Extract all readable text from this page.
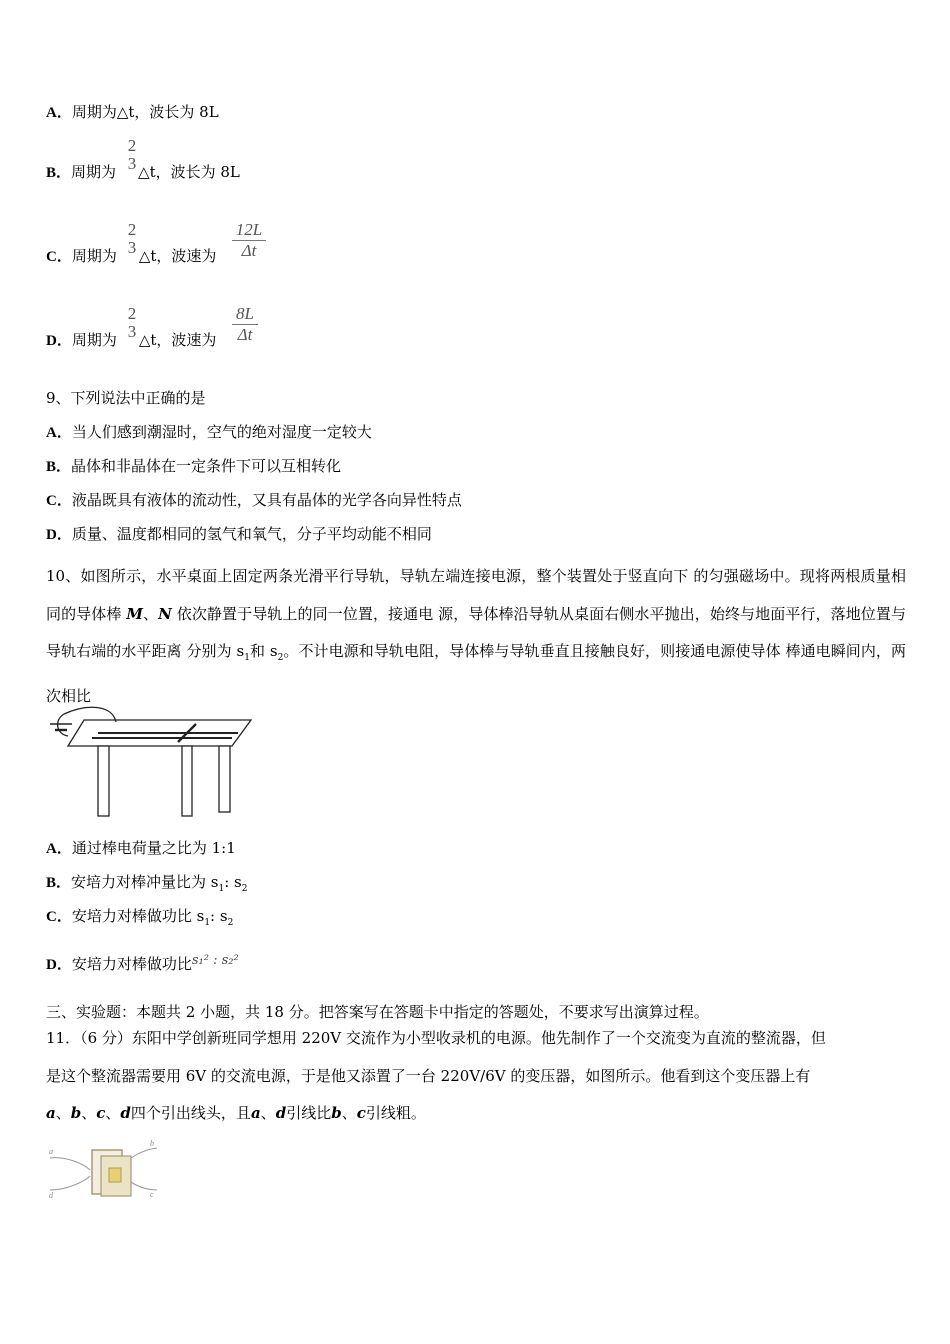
A．周期为△t，波长为 8L
B．周期为 △t，波长为 8L
2
3
C．周期为 △t，波速为
2
3
12L
Δt
D．周期为 △t，波速为
2
3
8L
Δt
9、下列说法中正确的是
A．当人们感到潮湿时，空气的绝对湿度一定较大
B．晶体和非晶体在一定条件下可以互相转化
C．液晶既具有液体的流动性，又具有晶体的光学各向异性特点
D．质量、温度都相同的氢气和氧气，分子平均动能不相同
10、如图所示，水平桌面上固定两条光滑平行导轨，导轨左端连接电源，整个装置处于竖直向下 的匀强磁场中。现将两根质量相同的导体棒 M、N 依次静置于导轨上的同一位置，接通电 源，导体棒沿导轨从桌面右侧水平抛出，始终与地面平行，落地位置与导轨右端的水平距离 分别为 $s_1$和 $s_2$。不计电源和导轨电阻，导体棒与导轨垂直且接触良好，则接通电源使导体 棒通电瞬间内，两次相比
A．通过棒电荷量之比为 1:1
B．安培力对棒冲量比为 $s_1$: $s_2$
C．安培力对棒做功比 $s_1$: $s_2$
D．安培力对棒做功比s₁² : s₂²
三、实验题：本题共 2 小题，共 18 分。把答案写在答题卡中指定的答题处，不要求写出演算过程。
11．（6 分）东阳中学创新班同学想用 220V 交流作为小型收录机的电源。他先制作了一个交流变为直流的整流器，但
是这个整流器需要用 6V 的交流电源，于是他又添置了一台 220V/6V 的变压器，如图所示。他看到这个变压器上有
a、b、c、d四个引出线头，且a、d引线比b、c引线粗。
a
b
c
d
